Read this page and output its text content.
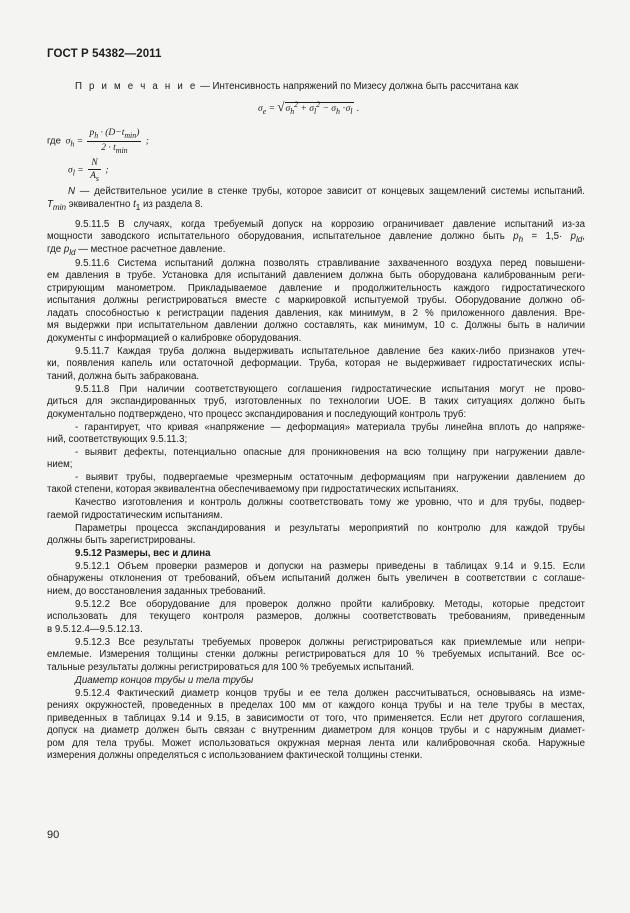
ГОСТ Р 54382—2011
П р и м е ч а н и е — Интенсивность напряжений по Мизесу должна быть рассчитана как
$\sigma_e = √\sigma_h^2 + \sigma_l^2 - \sigma_h \cdot\sigma_l$ .
где  $\sigma_h = \frac{p_h \cdot (D-t_{min})}{2 \cdot t_{min}}$ ;
$\sigma_l = \frac{N}{A_s}$ ;
N — действительное усилие в стенке трубы, которое зависит от концевых защемлений системы испытаний.
$T_{min}$ эквивалентно $t_1$ из раздела 8.
9.5.11.5 В случаях, когда требуемый допуск на коррозию ограничивает давление испытаний из-за
мощности заводского испытательного оборудования, испытательное давление должно быть $p_h = 1,5\cdot p_{ld}$,
где $p_{ld}$ — местное расчетное давление.
9.5.11.6 Система испытаний должна позволять стравливание захваченного воздуха перед повышени-
ем давления в трубе. Установка для испытаний давлением должна быть оборудована калиброванным реги-
стрирующим манометром. Прикладываемое давление и продолжительность каждого гидростатического
испытания должны регистрироваться вместе с маркировкой испытуемой трубы. Оборудование должно об-
ладать способностью к регистрации падения давления, как минимум, в 2 % приложенного давления. Вре-
мя выдержки при испытательном давлении должно составлять, как минимум, 10 с. Должны быть в наличии
документы с информацией о калибровке оборудования.
9.5.11.7 Каждая труба должна выдерживать испытательное давление без каких-либо признаков утеч-
ки, появления капель или остаточной деформации. Труба, которая не выдерживает гидростатических испы-
таний, должна быть забракована.
9.5.11.8 При наличии соответствующего соглашения гидростатические испытания могут не прово-
диться для экспандированных труб, изготовленных по технологии UOE. В таких ситуациях должно быть
документально подтверждено, что процесс экспандирования и последующий контроль труб:
- гарантирует, что кривая «напряжение — деформация» материала трубы линейна вплоть до напряже-
ний, соответствующих 9.5.11.3;
- выявит дефекты, потенциально опасные для проникновения на всю толщину при нагружении давле-
нием;
- выявит трубы, подвергаемые чрезмерным остаточным деформациям при нагружении давлением до
такой степени, которая эквивалентна обеспечиваемому при гидростатических испытаниях.
Качество изготовления и контроль должны соответствовать тому же уровню, что и для трубы, подвер-
гаемой гидростатическим испытаниям.
Параметры процесса экспандирования и результаты мероприятий по контролю для каждой трубы
должны быть зарегистрированы.
9.5.12 Размеры, вес и длина
9.5.12.1 Объем проверки размеров и допуски на размеры приведены в таблицах 9.14 и 9.15. Если
обнаружены отклонения от требований, объем испытаний должен быть увеличен в соответствии с соглаше-
нием, до восстановления заданных требований.
9.5.12.2 Все оборудование для проверок должно пройти калибровку. Методы, которые предстоит
использовать для текущего контроля размеров, должны соответствовать требованиям, приведенным
в 9.5.12.4—9.5.12.13.
9.5.12.3 Все результаты требуемых проверок должны регистрироваться как приемлемые или непри-
емлемые. Измерения толщины стенки должны регистрироваться для 10 % требуемых испытаний. Все ос-
тальные результаты должны регистрироваться для 100 % требуемых испытаний.
Диаметр концов трубы и тела трубы
9.5.12.4 Фактический диаметр концов трубы и ее тела должен рассчитываться, основываясь на изме-
рениях окружностей, проведенных в пределах 100 мм от каждого конца трубы и на теле трубы в местах,
приведенных в таблицах 9.14 и 9.15, в зависимости от того, что применяется. Если нет другого соглашения,
допуск на диаметр должен быть связан с внутренним диаметром для концов трубы и с наружным диамет-
ром для тела трубы. Может использоваться окружная мерная лента или калибровочная скоба. Наружные
измерения должны определяться с использованием фактической толщины стенки.
90
